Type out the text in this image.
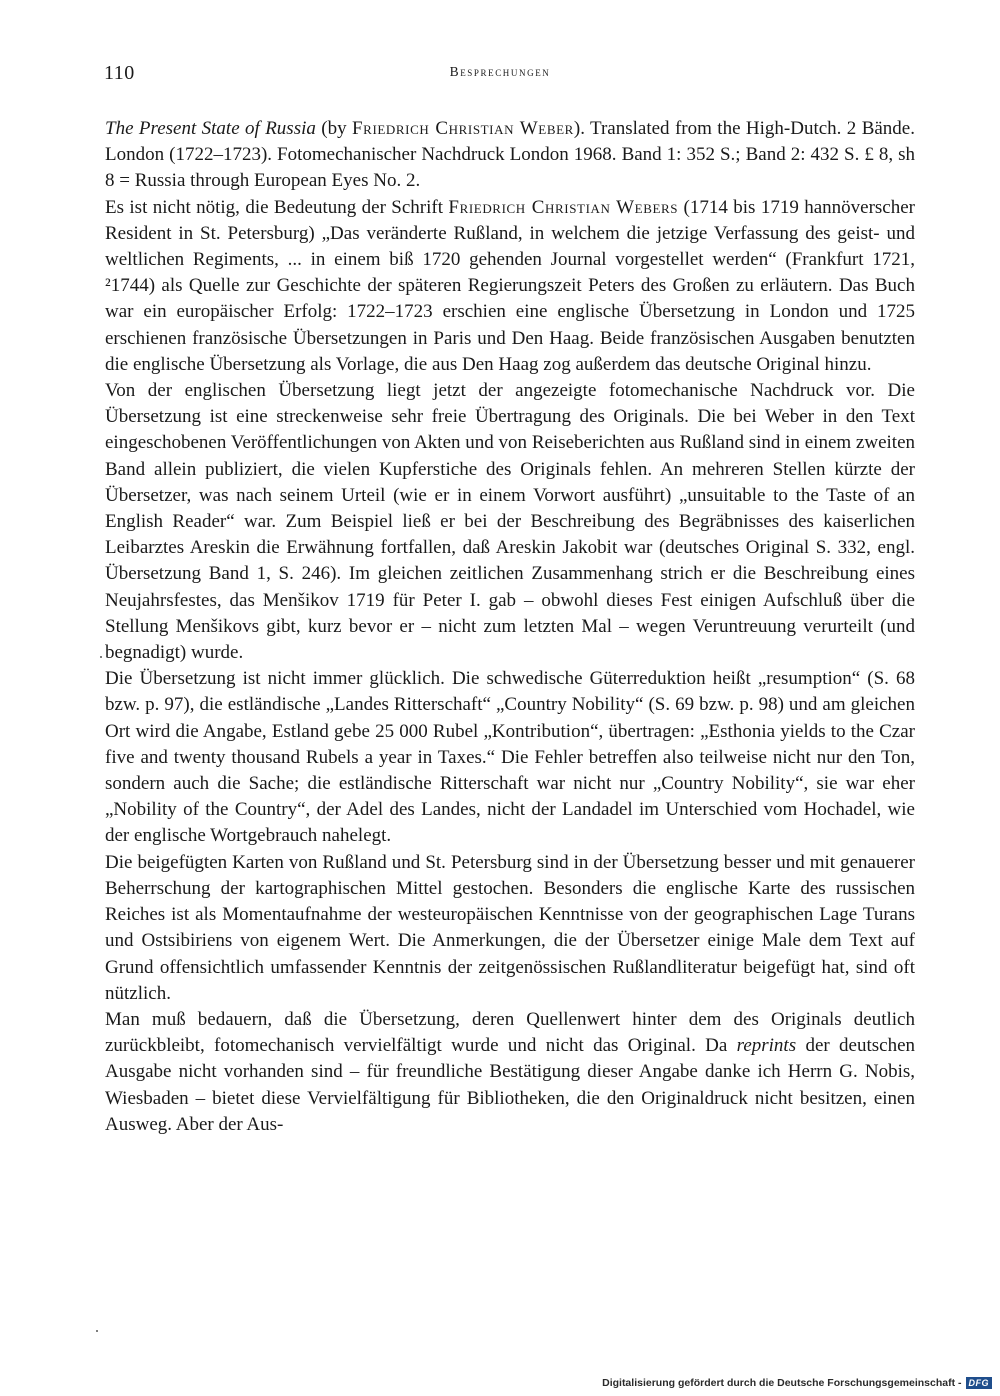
110	Besprechungen

The Present State of Russia (by Friedrich Christian Weber). Translated from the High-Dutch. 2 Bände. London (1722–1723). Fotomechanischer Nachdruck London 1968. Band 1: 352 S.; Band 2: 432 S. £ 8, sh 8 = Russia through European Eyes No. 2.

Es ist nicht nötig, die Bedeutung der Schrift Friedrich Christian Webers (1714 bis 1719 hannöverscher Resident in St. Petersburg) „Das veränderte Rußland, in welchem die jetzige Verfassung des geist- und weltlichen Regiments, ... in einem biß 1720 gehenden Journal vorgestellet werden“ (Frankfurt 1721, ²1744) als Quelle zur Geschichte der späteren Regierungszeit Peters des Großen zu erläutern. Das Buch war ein europäischer Erfolg: 1722–1723 erschien eine englische Übersetzung in London und 1725 erschienen französische Übersetzungen in Paris und Den Haag. Beide französischen Ausgaben benutzten die englische Übersetzung als Vorlage, die aus Den Haag zog außerdem das deutsche Original hinzu.

Von der englischen Übersetzung liegt jetzt der angezeigte fotomechanische Nachdruck vor. Die Übersetzung ist eine streckenweise sehr freie Übertragung des Originals. Die bei Weber in den Text eingeschobenen Veröffentlichungen von Akten und von Reiseberichten aus Rußland sind in einem zweiten Band allein publiziert, die vielen Kupferstiche des Originals fehlen. An mehreren Stellen kürzte der Übersetzer, was nach seinem Urteil (wie er in einem Vorwort ausführt) „unsuitable to the Taste of an English Reader“ war. Zum Beispiel ließ er bei der Beschreibung des Begräbnisses des kaiserlichen Leibarztes Areskin die Erwähnung fortfallen, daß Areskin Jakobit war (deutsches Original S. 332, engl. Übersetzung Band 1, S. 246). Im gleichen zeitlichen Zusammenhang strich er die Beschreibung eines Neujahrsfestes, das Menšikov 1719 für Peter I. gab – obwohl dieses Fest einigen Aufschluß über die Stellung Menšikovs gibt, kurz bevor er – nicht zum letzten Mal – wegen Veruntreuung verurteilt (und begnadigt) wurde.

Die Übersetzung ist nicht immer glücklich. Die schwedische Güterreduktion heißt „resumption“ (S. 68 bzw. p. 97), die estländische „Landes Ritterschaft“ „Country Nobility“ (S. 69 bzw. p. 98) und am gleichen Ort wird die Angabe, Estland gebe 25 000 Rubel „Kontribution“, übertragen: „Esthonia yields to the Czar five and twenty thousand Rubels a year in Taxes.“ Die Fehler betreffen also teilweise nicht nur den Ton, sondern auch die Sache; die estländische Ritterschaft war nicht nur „Country Nobility“, sie war eher „Nobility of the Country“, der Adel des Landes, nicht der Landadel im Unterschied vom Hochadel, wie der englische Wortgebrauch nahelegt.

Die beigefügten Karten von Rußland und St. Petersburg sind in der Übersetzung besser und mit genauerer Beherrschung der kartographischen Mittel gestochen. Besonders die englische Karte des russischen Reiches ist als Momentaufnahme der westeuropäischen Kenntnisse von der geographischen Lage Turans und Ostsibiriens von eigenem Wert. Die Anmerkungen, die der Übersetzer einige Male dem Text auf Grund offensichtlich umfassender Kenntnis der zeitgenössischen Rußlandliteratur beigefügt hat, sind oft nützlich.

Man muß bedauern, daß die Übersetzung, deren Quellenwert hinter dem des Originals deutlich zurückbleibt, fotomechanisch vervielfältigt wurde und nicht das Original. Da reprints der deutschen Ausgabe nicht vorhanden sind – für freundliche Bestätigung dieser Angabe danke ich Herrn G. Nobis, Wiesbaden – bietet diese Vervielfältigung für Bibliotheken, die den Originaldruck nicht besitzen, einen Ausweg. Aber der Aus-

Digitalisierung gefördert durch die Deutsche Forschungsgemeinschaft - DFG
